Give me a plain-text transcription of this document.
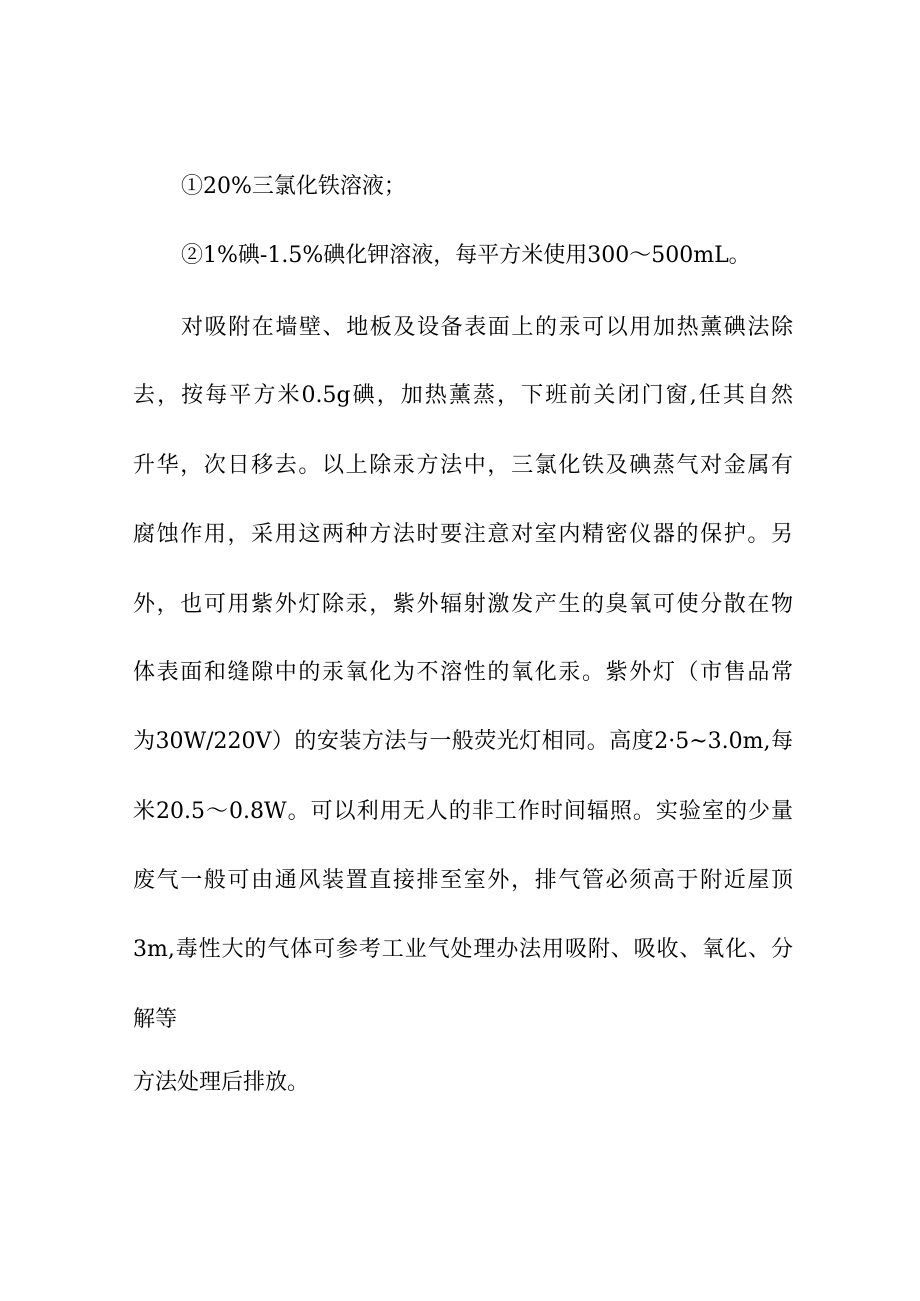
①20%三氯化铁溶液；

②1%碘-1.5%碘化钾溶液，每平方米使用300～500mL。

对吸附在墙壁、地板及设备表面上的汞可以用加热薰碘法除

去，按每平方米0.5g碘，加热薰蒸，下班前关闭门窗,任其自然

升华，次日移去。以上除汞方法中，三氯化铁及碘蒸气对金属有

腐蚀作用，采用这两种方法时要注意对室内精密仪器的保护。另

外，也可用紫外灯除汞，紫外辐射激发产生的臭氧可使分散在物

体表面和缝隙中的汞氧化为不溶性的氧化汞。紫外灯（市售品常

为30W/220V）的安装方法与一般荧光灯相同。高度2·5~3.0m,每

米20.5～0.8W。可以利用无人的非工作时间辐照。实验室的少量

废气一般可由通风装置直接排至室外，排气管必须高于附近屋顶

3m,毒性大的气体可参考工业气处理办法用吸附、吸收、氧化、分

解等

方法处理后排放。
